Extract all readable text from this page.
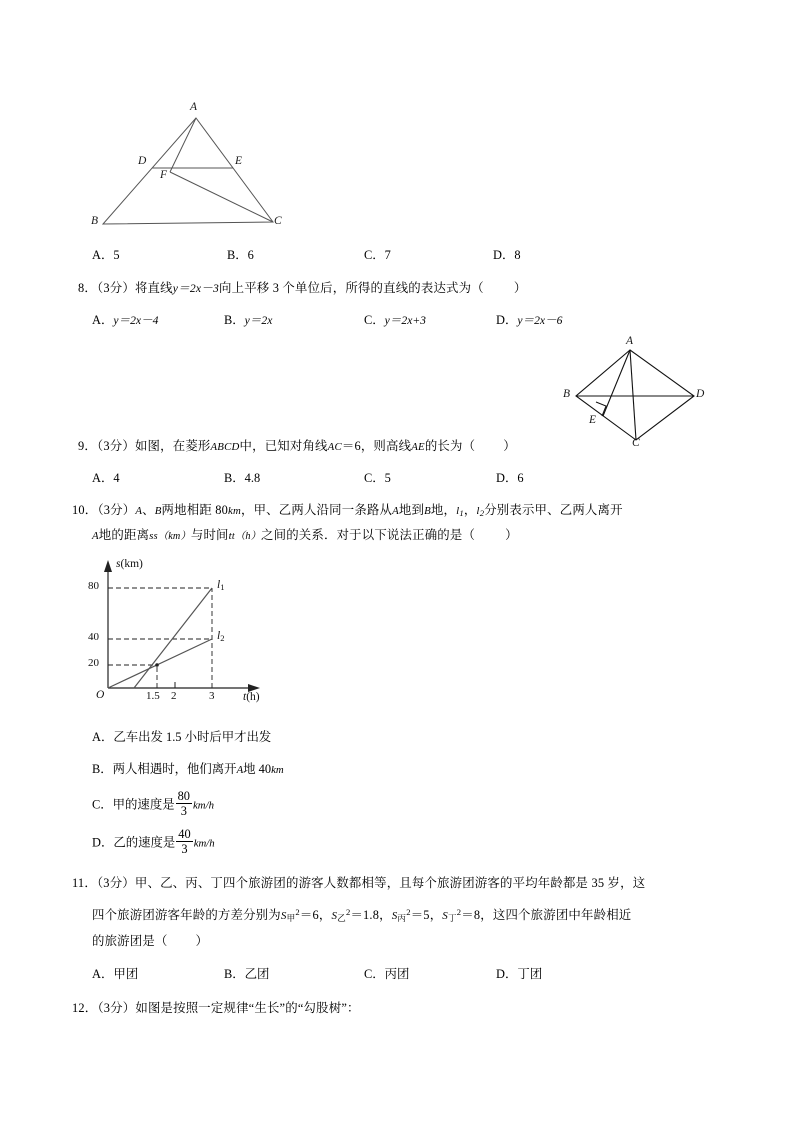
A
B	C
D	E
F
A．5	B．6	C．7	D．8
8．（3分）将直线y＝2x－3向上平移 3 个单位后，所得的直线的表达式为（ ）
A．y＝2x－4	B．y＝2x	C．y＝2x+3	D．y＝2x－6
A
B
C
D
E
9．（3分）如图，在菱形ABCD中，已知对角线AC＝6，则高线AE的长为（ ）
A．4	B．4.8	C．5	D．6
10．（3分）A、B两地相距 80km，甲、乙两人沿同一条路从A地到B地，$l_1$，$l_2$分别表示甲、乙两人离开
A地的距离ss（km）与时间tt（h）之间的关系．对于以下说法正确的是（ ）
s(km)
t(h)
O
80
40
20
1.5 2	3
$l_1$
$l_2$
A．乙车出发 1.5 小时后甲才出发
B．两人相遇时，他们离开A地 40km
C．甲的速度是 $\frac{80}{3} km/h$
D．乙的速度是 $\frac{40}{3} km/h$
11．（3分）甲、乙、丙、丁四个旅游团的游客人数都相等，且每个旅游团游客的平均年龄都是 35 岁，这
四个旅游团游客年龄的方差分别为$S_甲^2=6$，$S_乙^2=1.8$，$S_丙^2=5$，$S_丁^2=8$，这四个旅游团中年龄相近
的旅游团是（ ）
A．甲团	B．乙团	C．丙团	D．丁团
12．（3分）如图是按照一定规律“生长”的“勾股树”：
